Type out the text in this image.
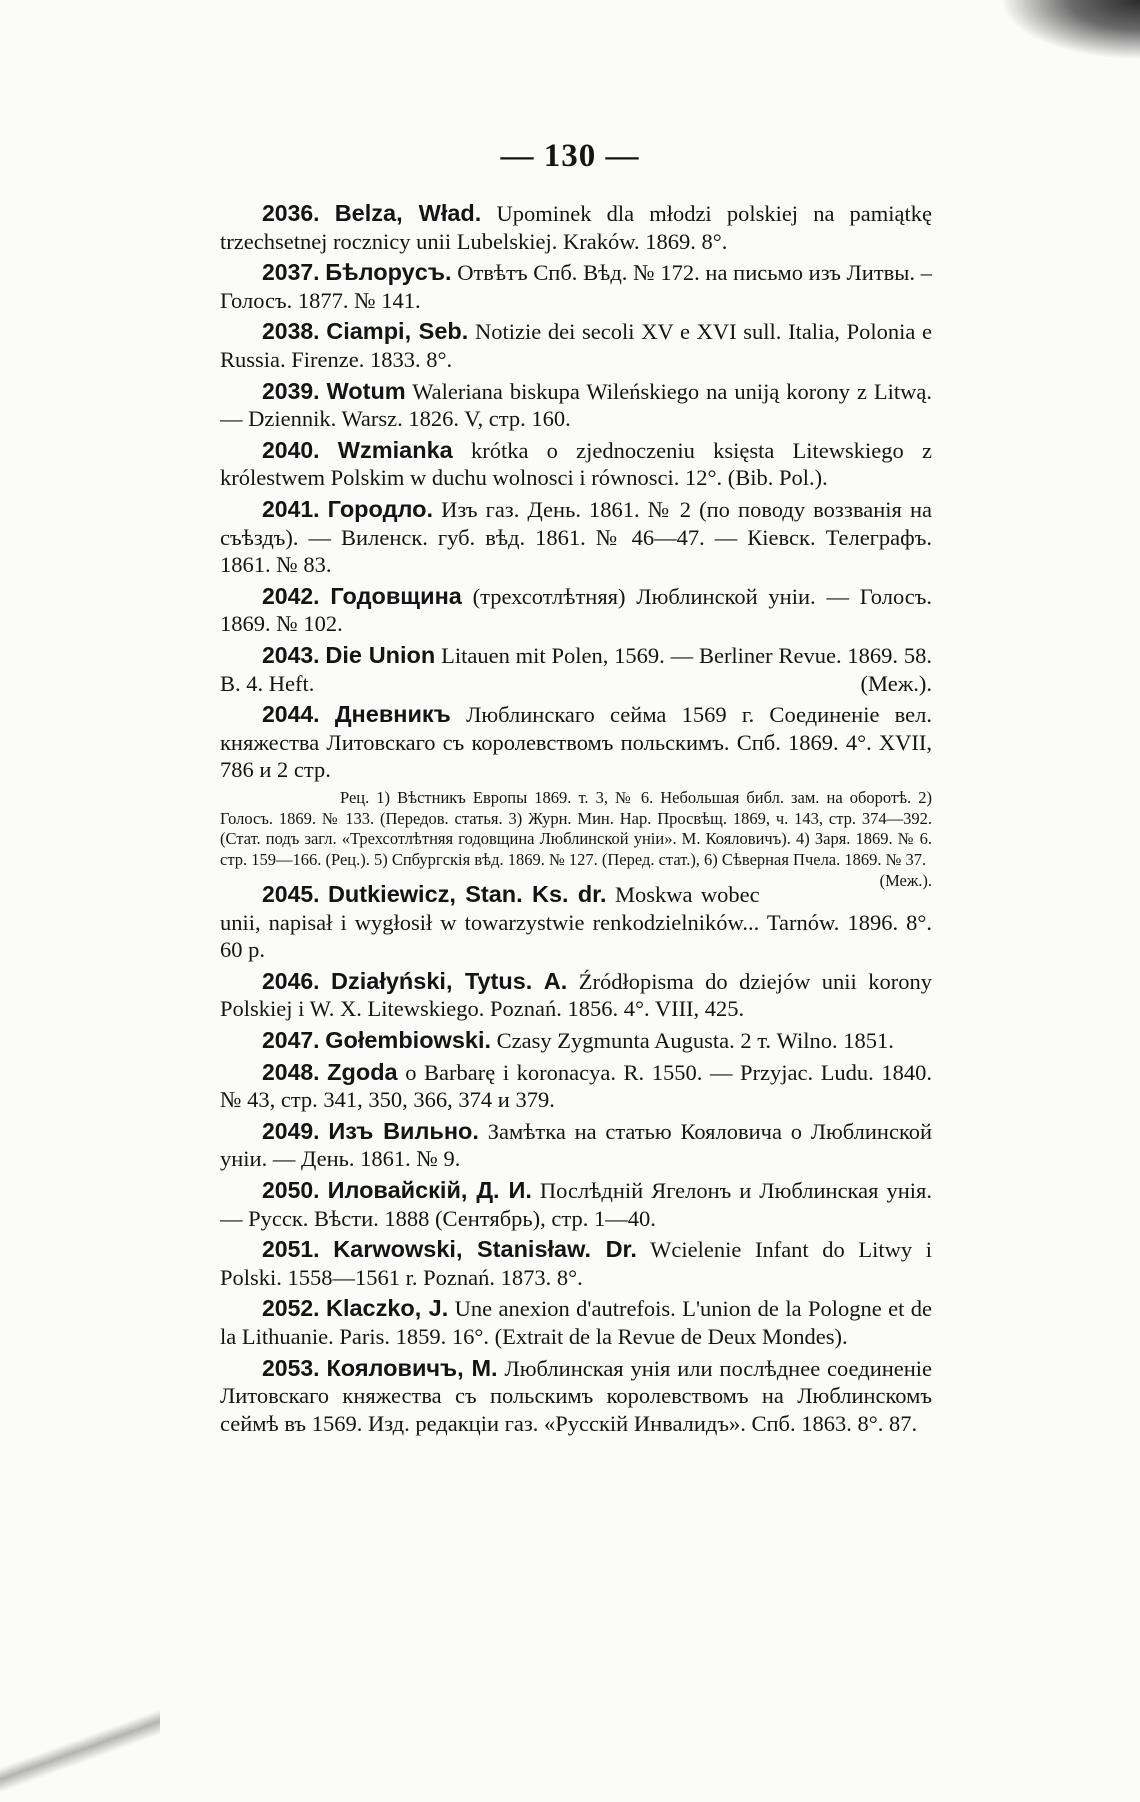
— 130 —

2036. Belza, Wład. Upominek dla młodzi polskiej na pamiątkę trzechsetnej rocznicy unii Lubelskiej. Kraków. 1869. 8°.

2037. Бѣлоруcъ. Отвѣтъ Спб. Вѣд. № 172. на письмо изъ Литвы. – Голосъ. 1877. № 141.

2038. Ciampi, Seb. Notizie dei secoli XV e XVI sull. Italia, Polonia e Russia. Firenze. 1833. 8°.

2039. Wotum Waleriana biskupa Wileńskiego na uniją korony z Litwą. — Dziennik. Warsz. 1826. V, стр. 160.

2040. Wzmianka krótka o zjednoczeniu księsta Litewskiego z królestwem Polskim w duchu wolnosci i równosci. 12°. (Bib. Pol.).

2041. Городло. Изъ газ. День. 1861. № 2 (по поводу воззванія на съѣздъ). — Виленск. губ. вѣд. 1861. № 46—47. — Кіевск. Телеграфъ. 1861. № 83.

2042. Годовщина (трехсотлѣтняя) Люблинской уніи. — Голосъ. 1869. № 102.

2043. Die Union Litauen mit Polen, 1569. — Berliner Revue. 1869. 58. B. 4. Heft.	(Меж.).

2044. Дневникъ Люблинскаго сейма 1569 г. Соединеніе вел. княжества Литовскаго съ королевствомъ польскимъ. Спб. 1869. 4°. XVII, 786 и 2 стр.

Рец. 1) Вѣстникъ Европы 1869. т. 3, № 6. Небольшая библ. зам. на оборотѣ. 2) Голосъ. 1869. № 133. (Передов. статья. 3) Журн. Мин. Нар. Просвѣщ. 1869, ч. 143, стр. 374—392. (Стат. подъ загл. «Трехсотлѣтняя годовщина Люблинской уніи». М. Кояловичъ). 4) Заря. 1869. № 6. стр. 159—166. (Рец.). 5) Спбургскія вѣд. 1869. № 127. (Перед. стат.), 6) Сѣверная Пчела. 1869. № 37.
(Меж.).

2045. Dutkiewicz, Stan. Ks. dr. Moskwa wobec unii, napisał i wygłosił w towarzystwie renkodzielników... Tarnów. 1896. 8°. 60 p.

2046. Działyński, Tytus. A. Źródłopisma do dziejów unii korony Polskiej i W. X. Litewskiego. Poznań. 1856. 4°. VIII, 425.

2047. Gołembiowski. Czasy Zygmunta Augusta. 2 т. Wilno. 1851.

2048. Zgoda o Barbarę i koronacya. R. 1550. — Przyjac. Ludu. 1840. № 43, стр. 341, 350, 366, 374 и 379.

2049. Изъ Вильно. Замѣтка на статью Кояловича о Люблинской уніи. — День. 1861. № 9.

2050. Иловайскій, Д. И. Послѣдній Ягелонъ и Люблинская унія. — Русск. Вѣсти. 1888 (Сентябрь), стр. 1—40.

2051. Karwowski, Stanisław. Dr. Wcielenie Infant do Litwy i Polski. 1558—1561 r. Poznań. 1873. 8°.

2052. Klaczko, J. Une anexion d'autrefois. L'union de la Pologne et de la Lithuanie. Paris. 1859. 16°. (Extrait de la Revue de Deux Mondes).

2053. Кояловичъ, М. Люблинская унія или послѣднее соединеніе Литовскаго княжества съ польскимъ королевствомъ на Люблинскомъ сеймѣ въ 1569. Изд. редакціи газ. «Русскій Инвалидъ». Спб. 1863. 8°. 87.
